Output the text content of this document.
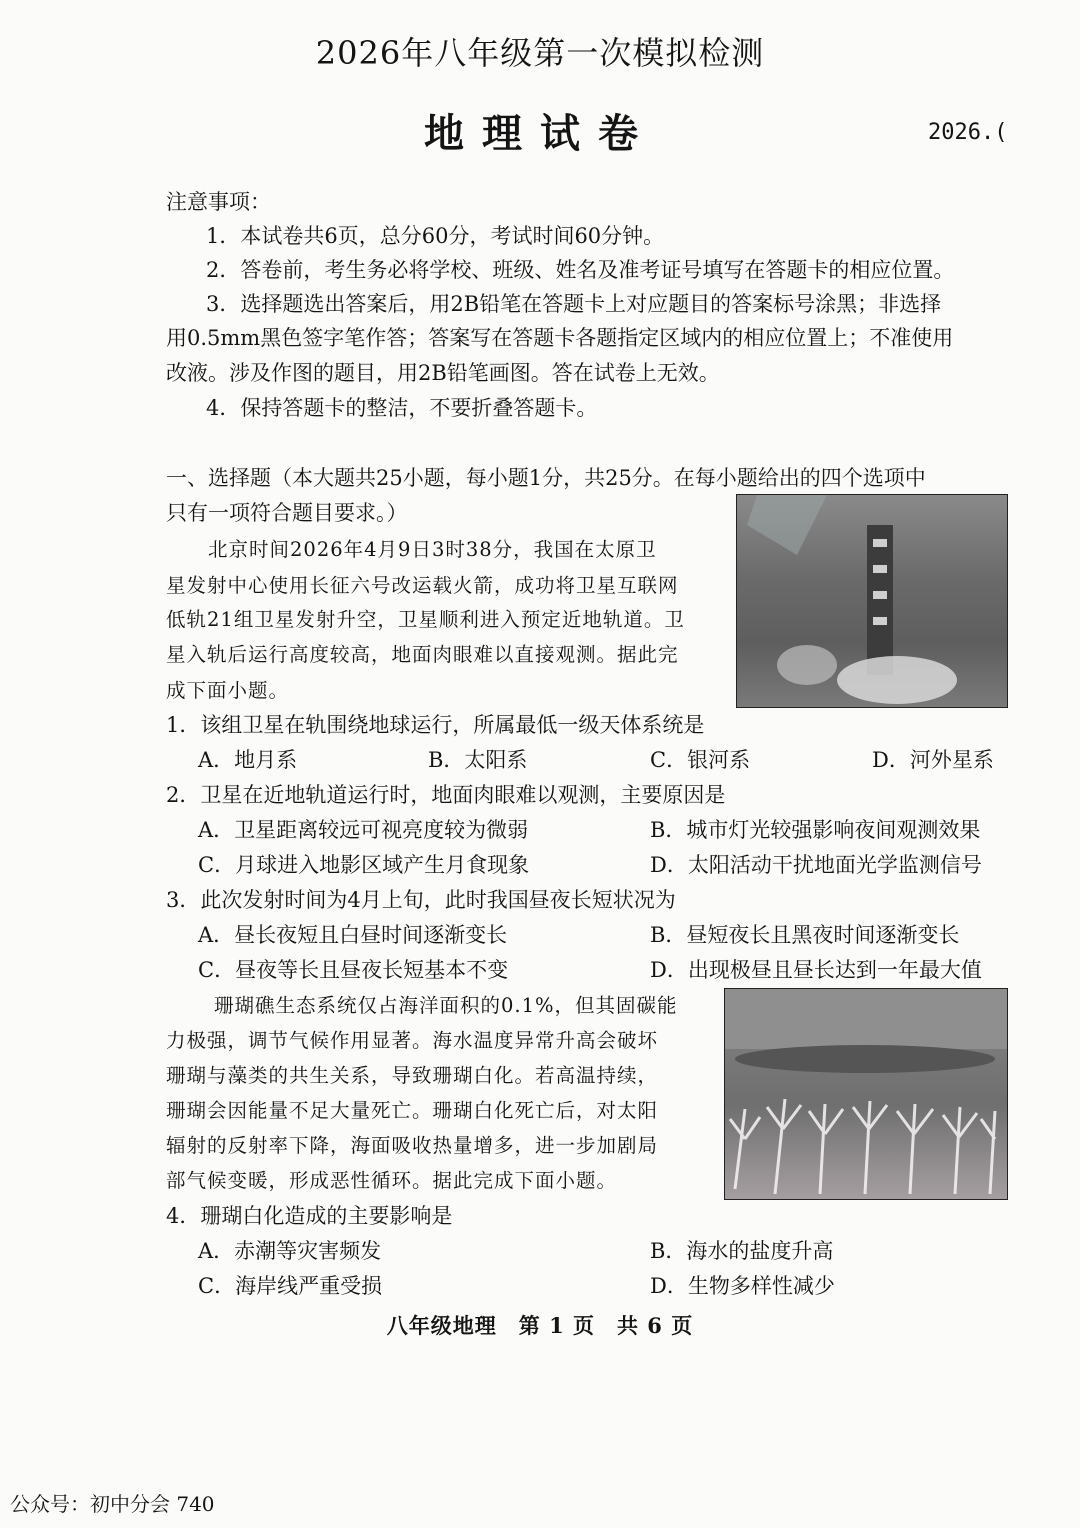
2026年八年级第一次模拟检测
地理试卷	2026.(
注意事项：
1．本试卷共6页，总分60分，考试时间60分钟。
2．答卷前，考生务必将学校、班级、姓名及准考证号填写在答题卡的相应位置。
3．选择题选出答案后，用2B铅笔在答题卡上对应题目的答案标号涂黑；非选择
用0.5mm黑色签字笔作答；答案写在答题卡各题指定区域内的相应位置上；不准使用
改液。涉及作图的题目，用2B铅笔画图。答在试卷上无效。
4．保持答题卡的整洁，不要折叠答题卡。
一、选择题（本大题共25小题，每小题1分，共25分。在每小题给出的四个选项中
只有一项符合题目要求。）
北京时间2026年4月9日3时38分，我国在太原卫
星发射中心使用长征六号改运载火箭，成功将卫星互联网
低轨21组卫星发射升空，卫星顺利进入预定近地轨道。卫
星入轨后运行高度较高，地面肉眼难以直接观测。据此完
成下面小题。
1．该组卫星在轨围绕地球运行，所属最低一级天体系统是
A．地月系	B．太阳系	C．银河系	D．河外星系
2．卫星在近地轨道运行时，地面肉眼难以观测，主要原因是
A．卫星距离较远可视亮度较为微弱	B．城市灯光较强影响夜间观测效果
C．月球进入地影区域产生月食现象	D．太阳活动干扰地面光学监测信号
3．此次发射时间为4月上旬，此时我国昼夜长短状况为
A．昼长夜短且白昼时间逐渐变长	B．昼短夜长且黑夜时间逐渐变长
C．昼夜等长且昼夜长短基本不变	D．出现极昼且昼长达到一年最大值
珊瑚礁生态系统仅占海洋面积的0.1%，但其固碳能
力极强，调节气候作用显著。海水温度异常升高会破坏
珊瑚与藻类的共生关系，导致珊瑚白化。若高温持续，
珊瑚会因能量不足大量死亡。珊瑚白化死亡后，对太阳
辐射的反射率下降，海面吸收热量增多，进一步加剧局
部气候变暖，形成恶性循环。据此完成下面小题。
4．珊瑚白化造成的主要影响是
A．赤潮等灾害频发	B．海水的盐度升高
C．海岸线严重受损	D．生物多样性减少
八年级地理　第 1 页　共 6 页
公众号：初中分会 740
